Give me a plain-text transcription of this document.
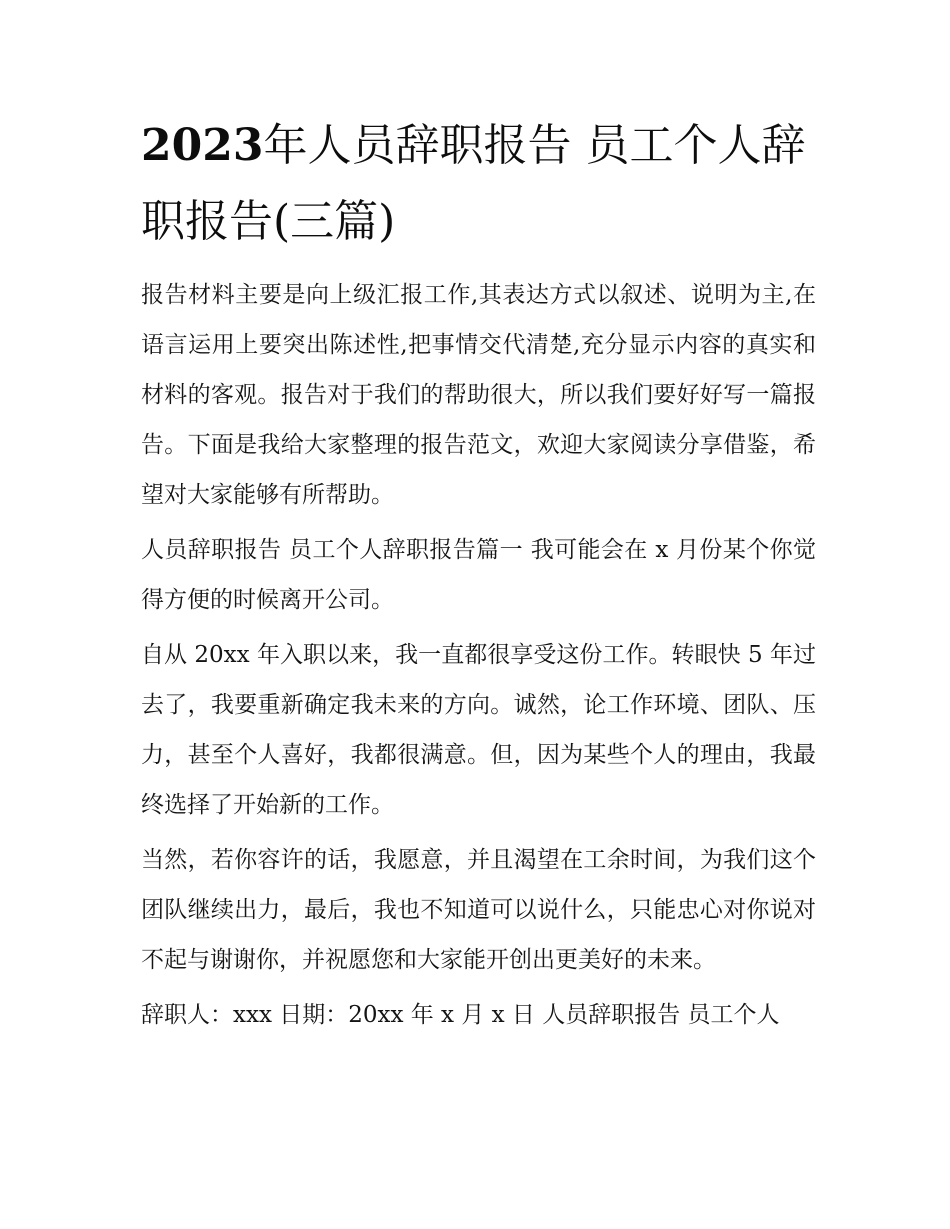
2023年人员辞职报告 员工个人辞职报告(三篇)

报告材料主要是向上级汇报工作,其表达方式以叙述、说明为主,在语言运用上要突出陈述性,把事情交代清楚,充分显示内容的真实和材料的客观。报告对于我们的帮助很大，所以我们要好好写一篇报告。下面是我给大家整理的报告范文，欢迎大家阅读分享借鉴，希望对大家能够有所帮助。

人员辞职报告 员工个人辞职报告篇一 我可能会在 x 月份某个你觉得方便的时候离开公司。

自从 20xx 年入职以来，我一直都很享受这份工作。转眼快 5 年过去了，我要重新确定我未来的方向。诚然，论工作环境、团队、压力，甚至个人喜好，我都很满意。但，因为某些个人的理由，我最终选择了开始新的工作。

当然，若你容许的话，我愿意，并且渴望在工余时间，为我们这个团队继续出力，最后，我也不知道可以说什么，只能忠心对你说对不起与谢谢你，并祝愿您和大家能开创出更美好的未来。

辞职人：xxx 日期：20xx 年 x 月 x 日 人员辞职报告 员工个人
